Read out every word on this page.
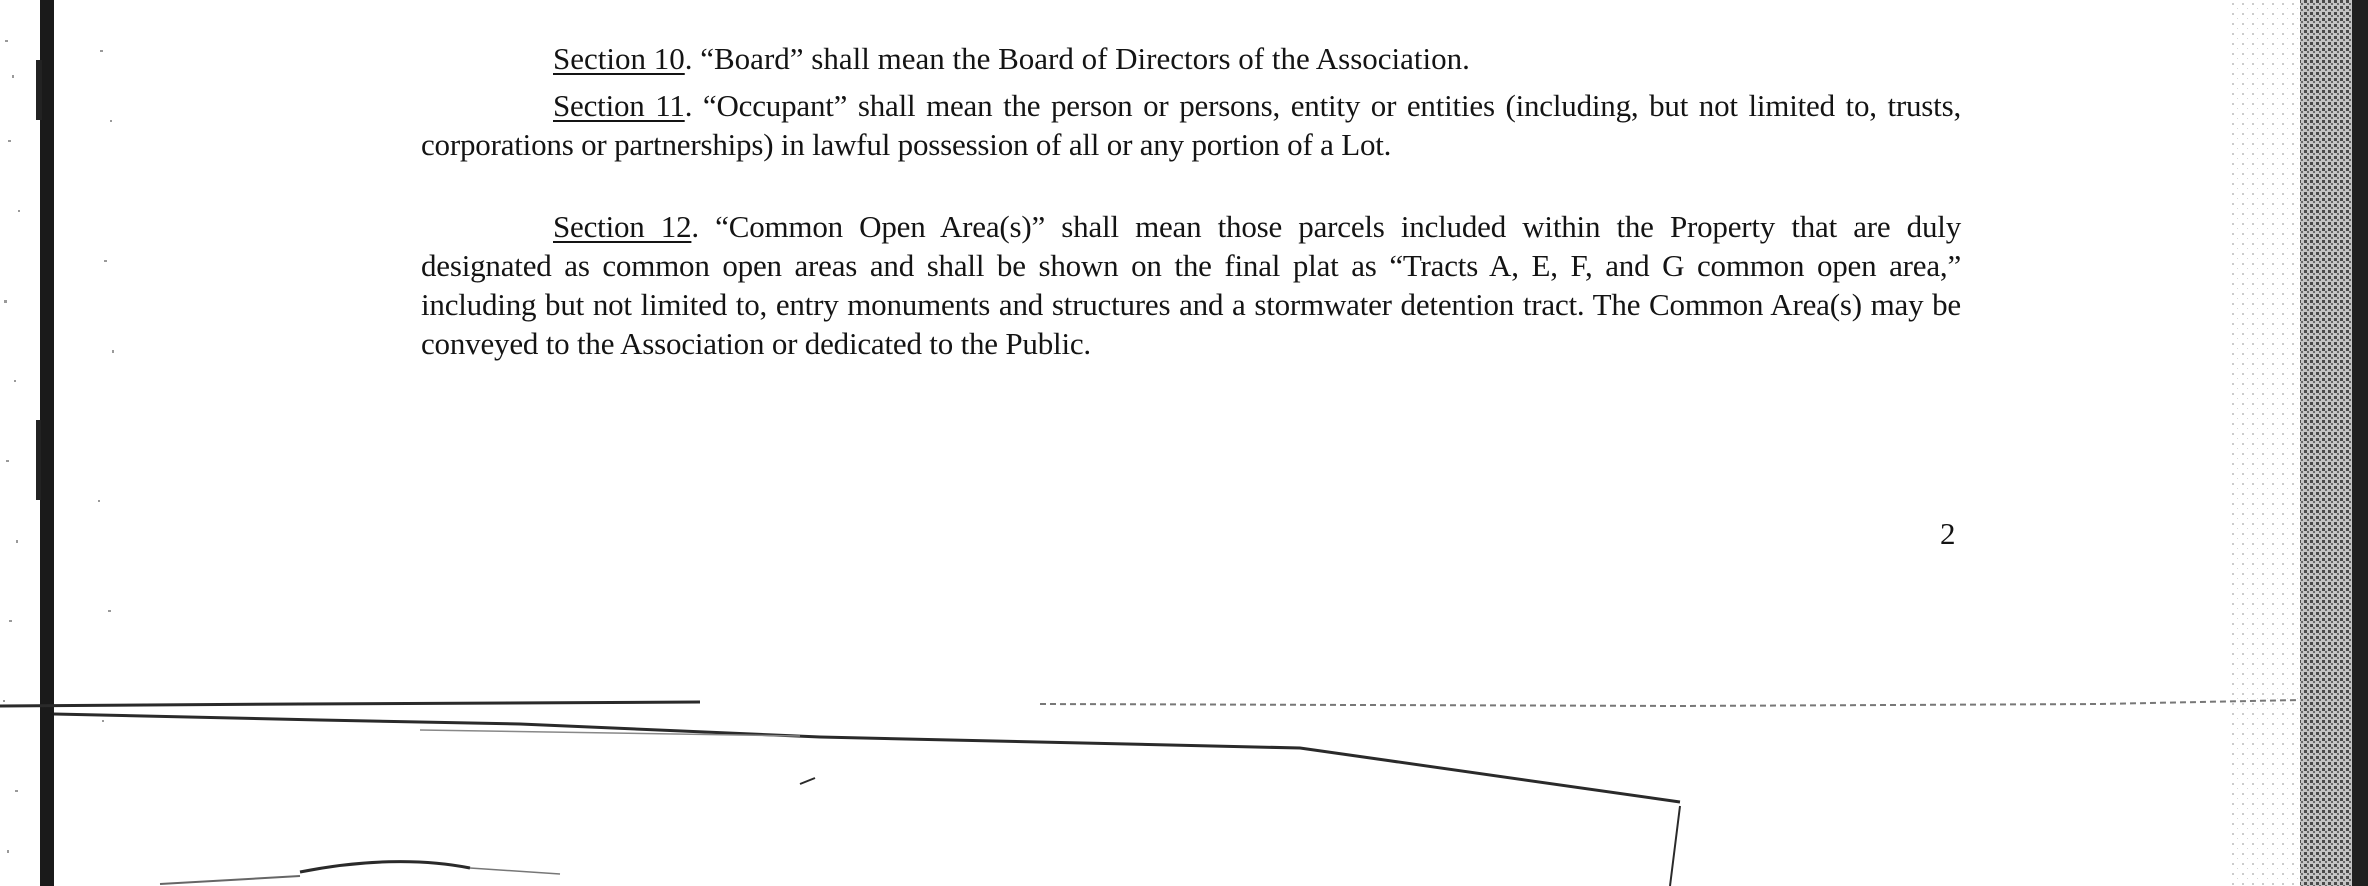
Section 10. “Board” shall mean the Board of Directors of the Association.

Section 11. “Occupant” shall mean the person or persons, entity or entities (including, but not limited to, trusts, corporations or partnerships) in lawful possession of all or any portion of a Lot.

Section 12. “Common Open Area(s)” shall mean those parcels included within the Property that are duly designated as common open areas and shall be shown on the final plat as “Tracts A, E, F, and G common open area,” including but not limited to, entry monuments and structures and a stormwater detention tract. The Common Area(s) may be conveyed to the Association or dedicated to the Public.

2
